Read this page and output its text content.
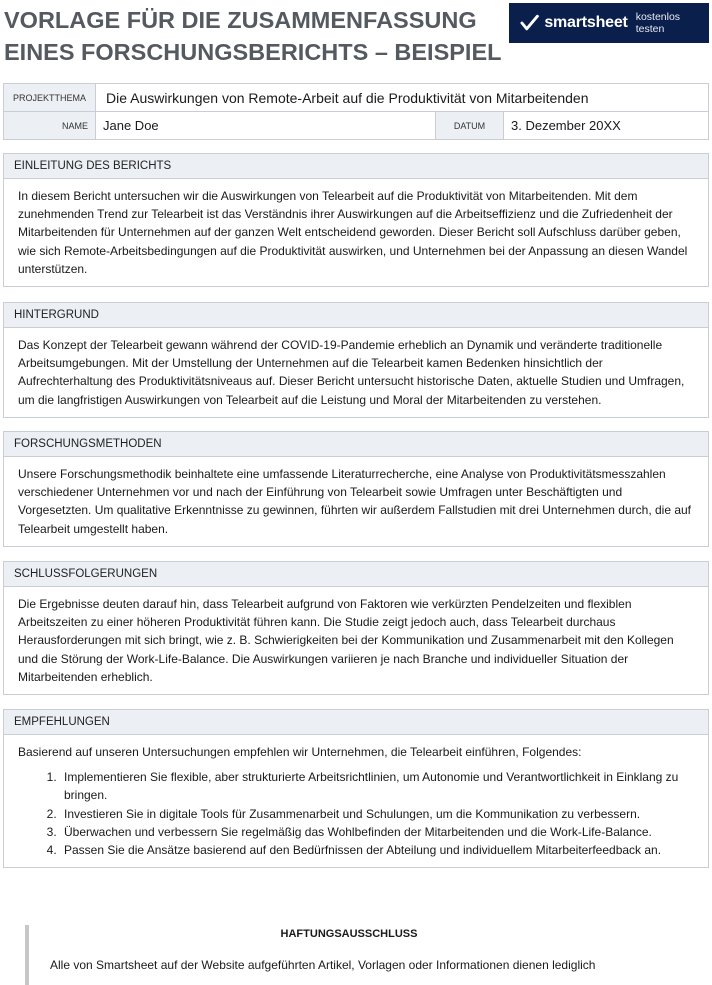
VORLAGE FÜR DIE ZUSAMMENFASSUNG
EINES FORSCHUNGSBERICHTS – BEISPIEL
smartsheet kostenlos testen
PROJEKTTHEMA	Die Auswirkungen von Remote-Arbeit auf die Produktivität von Mitarbeitenden
NAME	Jane Doe	DATUM	3. Dezember 20XX
EINLEITUNG DES BERICHTS

In diesem Bericht untersuchen wir die Auswirkungen von Telearbeit auf die Produktivität von Mitarbeitenden. Mit dem zunehmenden Trend zur Telearbeit ist das Verständnis ihrer Auswirkungen auf die Arbeitseffizienz und die Zufriedenheit der Mitarbeitenden für Unternehmen auf der ganzen Welt entscheidend geworden. Dieser Bericht soll Aufschluss darüber geben, wie sich Remote-Arbeitsbedingungen auf die Produktivität auswirken, und Unternehmen bei der Anpassung an diesen Wandel unterstützen.

HINTERGRUND

Das Konzept der Telearbeit gewann während der COVID-19-Pandemie erheblich an Dynamik und veränderte traditionelle Arbeitsumgebungen. Mit der Umstellung der Unternehmen auf die Telearbeit kamen Bedenken hinsichtlich der Aufrechterhaltung des Produktivitätsniveaus auf. Dieser Bericht untersucht historische Daten, aktuelle Studien und Umfragen, um die langfristigen Auswirkungen von Telearbeit auf die Leistung und Moral der Mitarbeitenden zu verstehen.

FORSCHUNGSMETHODEN

Unsere Forschungsmethodik beinhaltete eine umfassende Literaturrecherche, eine Analyse von Produktivitätsmesszahlen verschiedener Unternehmen vor und nach der Einführung von Telearbeit sowie Umfragen unter Beschäftigten und Vorgesetzten. Um qualitative Erkenntnisse zu gewinnen, führten wir außerdem Fallstudien mit drei Unternehmen durch, die auf Telearbeit umgestellt haben.

SCHLUSSFOLGERUNGEN

Die Ergebnisse deuten darauf hin, dass Telearbeit aufgrund von Faktoren wie verkürzten Pendelzeiten und flexiblen Arbeitszeiten zu einer höheren Produktivität führen kann. Die Studie zeigt jedoch auch, dass Telearbeit durchaus Herausforderungen mit sich bringt, wie z. B. Schwierigkeiten bei der Kommunikation und Zusammenarbeit mit den Kollegen und die Störung der Work-Life-Balance. Die Auswirkungen variieren je nach Branche und individueller Situation der Mitarbeitenden erheblich.

EMPFEHLUNGEN

Basierend auf unseren Untersuchungen empfehlen wir Unternehmen, die Telearbeit einführen, Folgendes:

1. Implementieren Sie flexible, aber strukturierte Arbeitsrichtlinien, um Autonomie und Verantwortlichkeit in Einklang zu bringen.
2. Investieren Sie in digitale Tools für Zusammenarbeit und Schulungen, um die Kommunikation zu verbessern.
3. Überwachen und verbessern Sie regelmäßig das Wohlbefinden der Mitarbeitenden und die Work-Life-Balance.
4. Passen Sie die Ansätze basierend auf den Bedürfnissen der Abteilung und individuellem Mitarbeiterfeedback an.
HAFTUNGSAUSSCHLUSS
Alle von Smartsheet auf der Website aufgeführten Artikel, Vorlagen oder Informationen dienen lediglich
